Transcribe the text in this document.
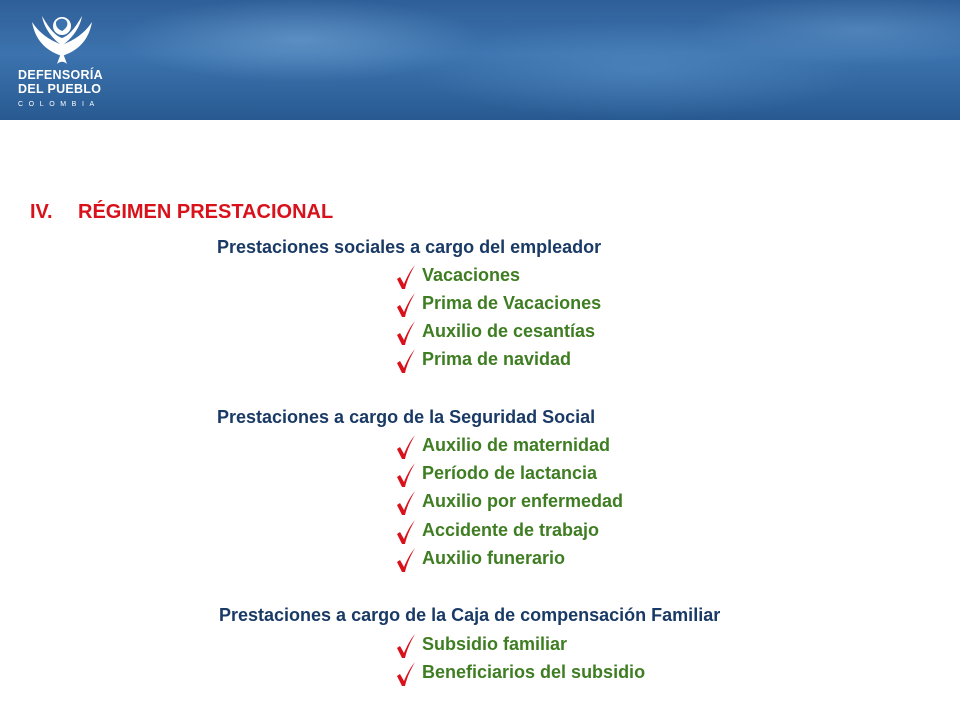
DEFENSORÍA
DEL PUEBLO
COLOMBIA
IV. RÉGIMEN PRESTACIONAL
Prestaciones sociales a cargo del empleador
Vacaciones
Prima de Vacaciones
Auxilio de cesantías
Prima de navidad
Prestaciones a cargo de la Seguridad Social
Auxilio de maternidad
Período de lactancia
Auxilio por enfermedad
Accidente de trabajo
Auxilio funerario
Prestaciones a cargo de la Caja de compensación Familiar
Subsidio familiar
Beneficiarios del subsidio
